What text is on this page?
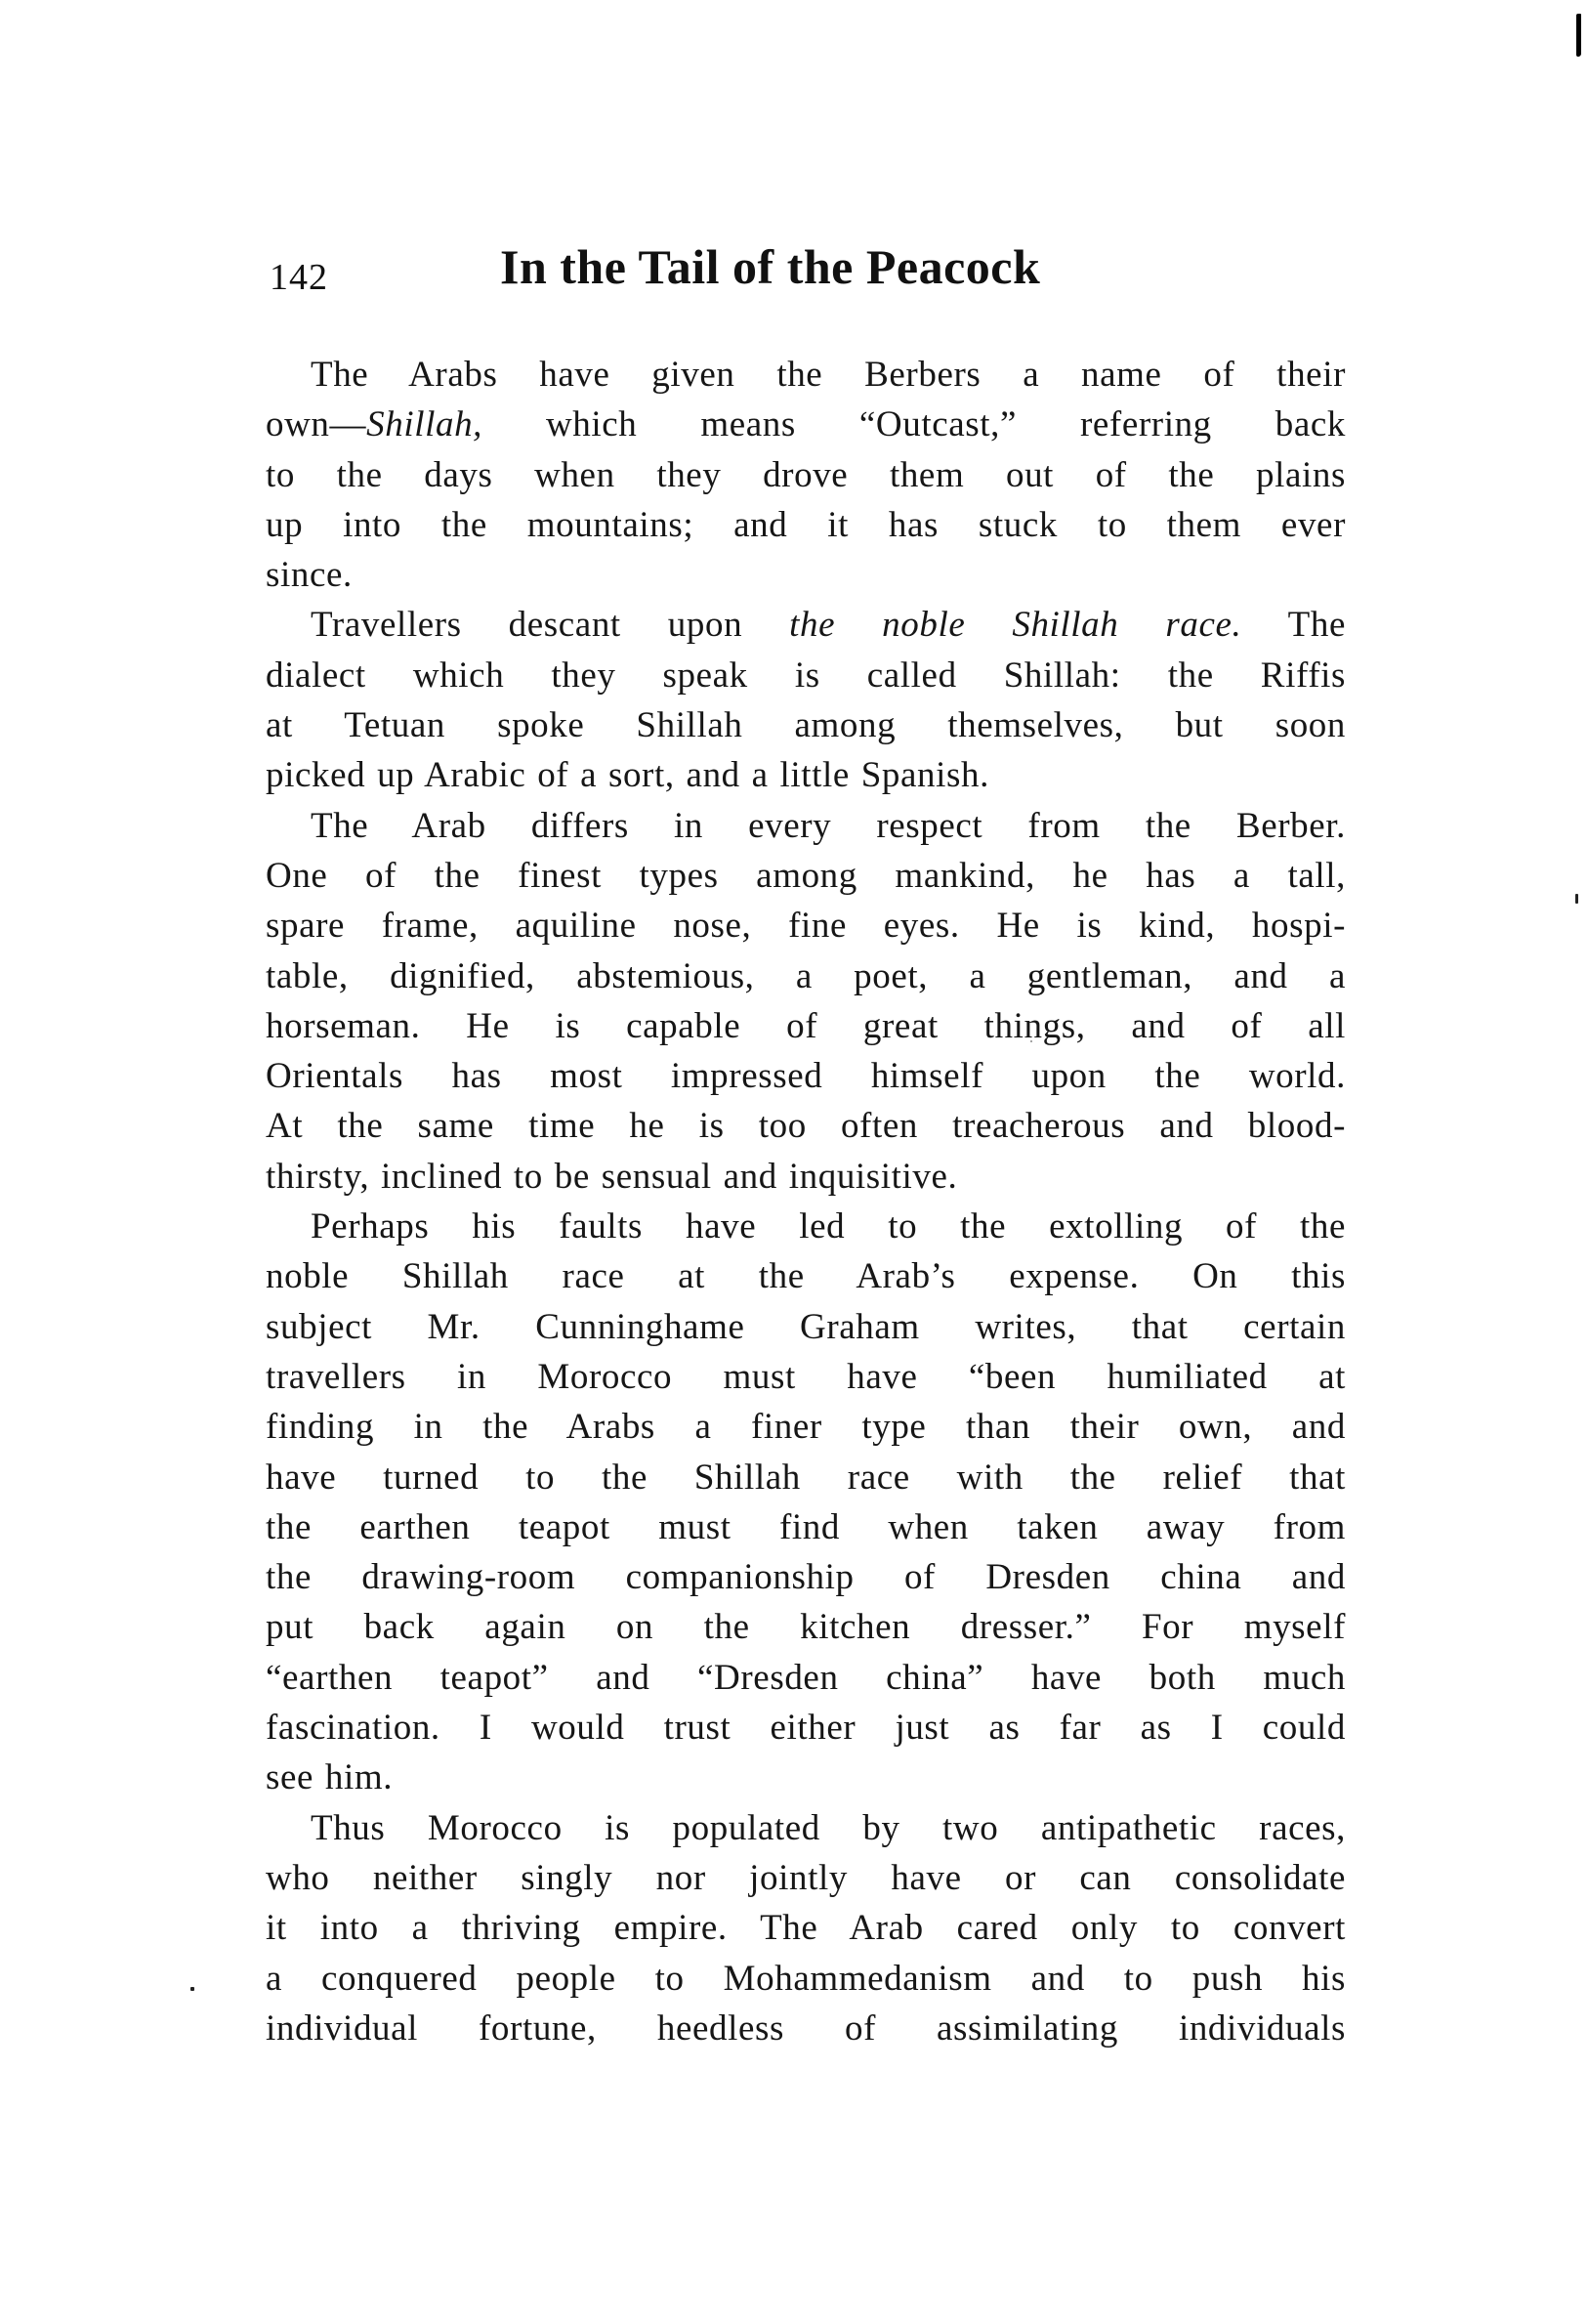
142	In the Tail of the Peacock
The Arabs have given the Berbers a name of their
own—Shillah, which means “Outcast,” referring back
to the days when they drove them out of the plains
up into the mountains; and it has stuck to them ever
since.
Travellers descant upon the noble Shillah race. The
dialect which they speak is called Shillah: the Riffis
at Tetuan spoke Shillah among themselves, but soon
picked up Arabic of a sort, and a little Spanish.
The Arab differs in every respect from the Berber.
One of the finest types among mankind, he has a tall,
spare frame, aquiline nose, fine eyes. He is kind, hospi-
table, dignified, abstemious, a poet, a gentleman, and a
horseman. He is capable of great things, and of all
Orientals has most impressed himself upon the world.
At the same time he is too often treacherous and blood-
thirsty, inclined to be sensual and inquisitive.
Perhaps his faults have led to the extolling of the
noble Shillah race at the Arab’s expense. On this
subject Mr. Cunninghame Graham writes, that certain
travellers in Morocco must have “been humiliated at
finding in the Arabs a finer type than their own, and
have turned to the Shillah race with the relief that
the earthen teapot must find when taken away from
the drawing-room companionship of Dresden china and
put back again on the kitchen dresser.” For myself
“earthen teapot” and “Dresden china” have both much
fascination. I would trust either just as far as I could
see him.
Thus Morocco is populated by two antipathetic races,
who neither singly nor jointly have or can consolidate
it into a thriving empire. The Arab cared only to convert
a conquered people to Mohammedanism and to push his
individual fortune, heedless of assimilating individuals
